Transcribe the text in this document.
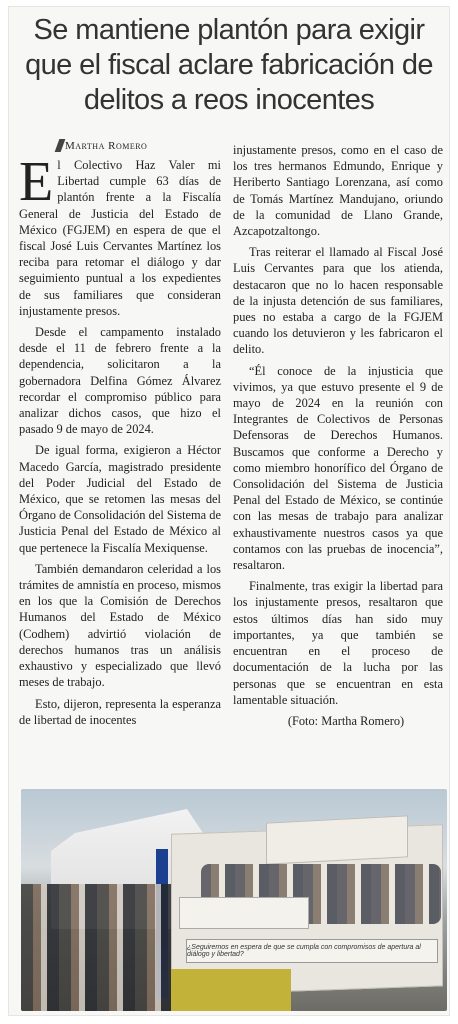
Se mantiene plantón para exigir que el fiscal aclare fabricación de delitos a reos inocentes
Martha Romero

E l Colectivo Haz Valer mi Libertad cumple 63 días de plantón frente a la Fiscalía General de Justicia del Estado de México (FGJEM) en espera de que el fiscal José Luis Cervantes Martínez los reciba para retomar el diálogo y dar seguimiento puntual a los expedientes de sus familiares que consideran injustamente presos.

Desde el campamento instalado desde el 11 de febrero frente a la dependencia, solicitaron a la gobernadora Delfina Gómez Álvarez recordar el compromiso público para analizar dichos casos, que hizo el pasado 9 de mayo de 2024.

De igual forma, exigieron a Héctor Macedo García, magistrado presidente del Poder Judicial del Estado de México, que se retomen las mesas del Órgano de Consolidación del Sistema de Justicia Penal del Estado de México al que pertenece la Fiscalía Mexiquense.

También demandaron celeridad a los trámites de amnistía en proceso, mismos en los que la Comisión de Derechos Humanos del Estado de México (Codhem) advirtió violación de derechos humanos tras un análisis exhaustivo y especializado que llevó meses de trabajo.

Esto, dijeron, representa la esperanza de libertad de inocentes

injustamente presos, como en el caso de los tres hermanos Edmundo, Enrique y Heriberto Santiago Lorenzana, así como de Tomás Martínez Mandujano, oriundo de la comunidad de Llano Grande, Azcapotzaltongo.

Tras reiterar el llamado al Fiscal José Luis Cervantes para que los atienda, destacaron que no lo hacen responsable de la injusta detención de sus familiares, pues no estaba a cargo de la FGJEM cuando los detuvieron y les fabricaron el delito.

“Él conoce de la injusticia que vivimos, ya que estuvo presente el 9 de mayo de 2024 en la reunión con Integrantes de Colectivos de Personas Defensoras de Derechos Humanos. Buscamos que conforme a Derecho y como miembro honorífico del Órgano de Consolidación del Sistema de Justicia Penal del Estado de México, se continúe con las mesas de trabajo para analizar exhaustivamente nuestros casos ya que contamos con las pruebas de inocencia”, resaltaron.

Finalmente, tras exigir la libertad para los injustamente presos, resaltaron que estos últimos días han sido muy importantes, ya que también se encuentran en el proceso de documentación de la lucha por las personas que se encuentran en esta lamentable situación.

(Foto: Martha Romero)

¿Seguiremos en espera de que se cumpla con compromisos de apertura al diálogo y libertad?
